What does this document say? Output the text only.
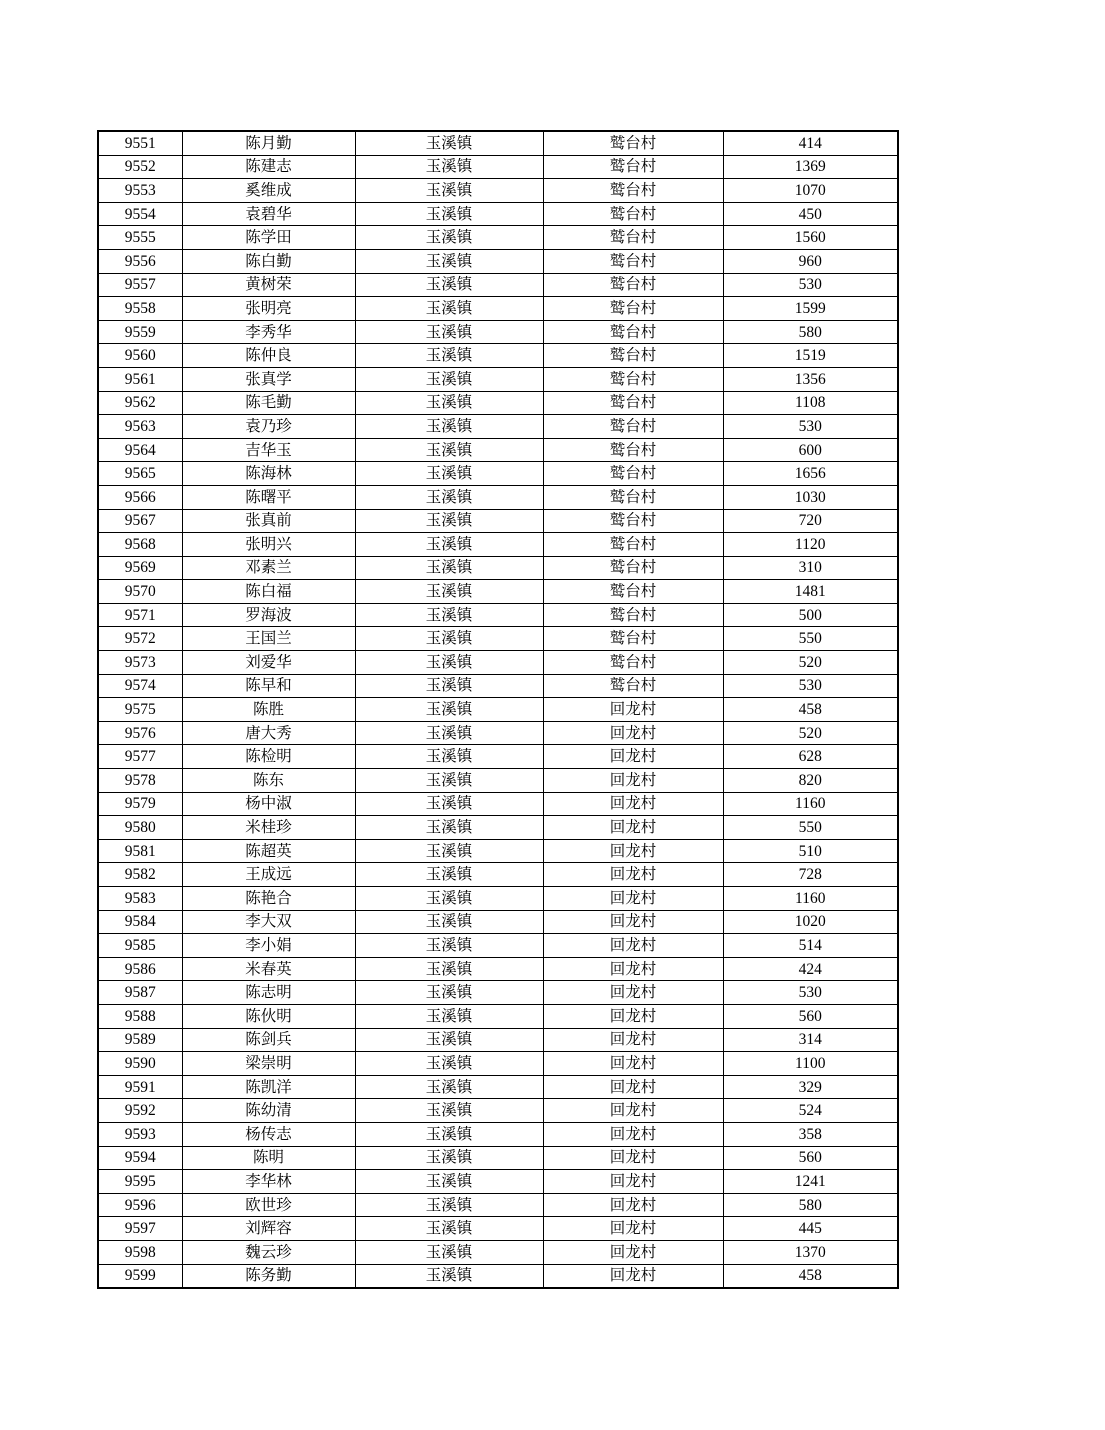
9551	陈月勤	玉溪镇	鹫台村	414
9552	陈建志	玉溪镇	鹫台村	1369
9553	奚维成	玉溪镇	鹫台村	1070
9554	袁碧华	玉溪镇	鹫台村	450
9555	陈学田	玉溪镇	鹫台村	1560
9556	陈白勤	玉溪镇	鹫台村	960
9557	黄树荣	玉溪镇	鹫台村	530
9558	张明亮	玉溪镇	鹫台村	1599
9559	李秀华	玉溪镇	鹫台村	580
9560	陈仲良	玉溪镇	鹫台村	1519
9561	张真学	玉溪镇	鹫台村	1356
9562	陈毛勤	玉溪镇	鹫台村	1108
9563	袁乃珍	玉溪镇	鹫台村	530
9564	吉华玉	玉溪镇	鹫台村	600
9565	陈海林	玉溪镇	鹫台村	1656
9566	陈曙平	玉溪镇	鹫台村	1030
9567	张真前	玉溪镇	鹫台村	720
9568	张明兴	玉溪镇	鹫台村	1120
9569	邓素兰	玉溪镇	鹫台村	310
9570	陈白福	玉溪镇	鹫台村	1481
9571	罗海波	玉溪镇	鹫台村	500
9572	王国兰	玉溪镇	鹫台村	550
9573	刘爱华	玉溪镇	鹫台村	520
9574	陈早和	玉溪镇	鹫台村	530
9575	陈胜	玉溪镇	回龙村	458
9576	唐大秀	玉溪镇	回龙村	520
9577	陈检明	玉溪镇	回龙村	628
9578	陈东	玉溪镇	回龙村	820
9579	杨中淑	玉溪镇	回龙村	1160
9580	米桂珍	玉溪镇	回龙村	550
9581	陈超英	玉溪镇	回龙村	510
9582	王成远	玉溪镇	回龙村	728
9583	陈艳合	玉溪镇	回龙村	1160
9584	李大双	玉溪镇	回龙村	1020
9585	李小娟	玉溪镇	回龙村	514
9586	米春英	玉溪镇	回龙村	424
9587	陈志明	玉溪镇	回龙村	530
9588	陈伙明	玉溪镇	回龙村	560
9589	陈剑兵	玉溪镇	回龙村	314
9590	梁崇明	玉溪镇	回龙村	1100
9591	陈凯洋	玉溪镇	回龙村	329
9592	陈幼清	玉溪镇	回龙村	524
9593	杨传志	玉溪镇	回龙村	358
9594	陈明	玉溪镇	回龙村	560
9595	李华林	玉溪镇	回龙村	1241
9596	欧世珍	玉溪镇	回龙村	580
9597	刘辉容	玉溪镇	回龙村	445
9598	魏云珍	玉溪镇	回龙村	1370
9599	陈务勤	玉溪镇	回龙村	458
